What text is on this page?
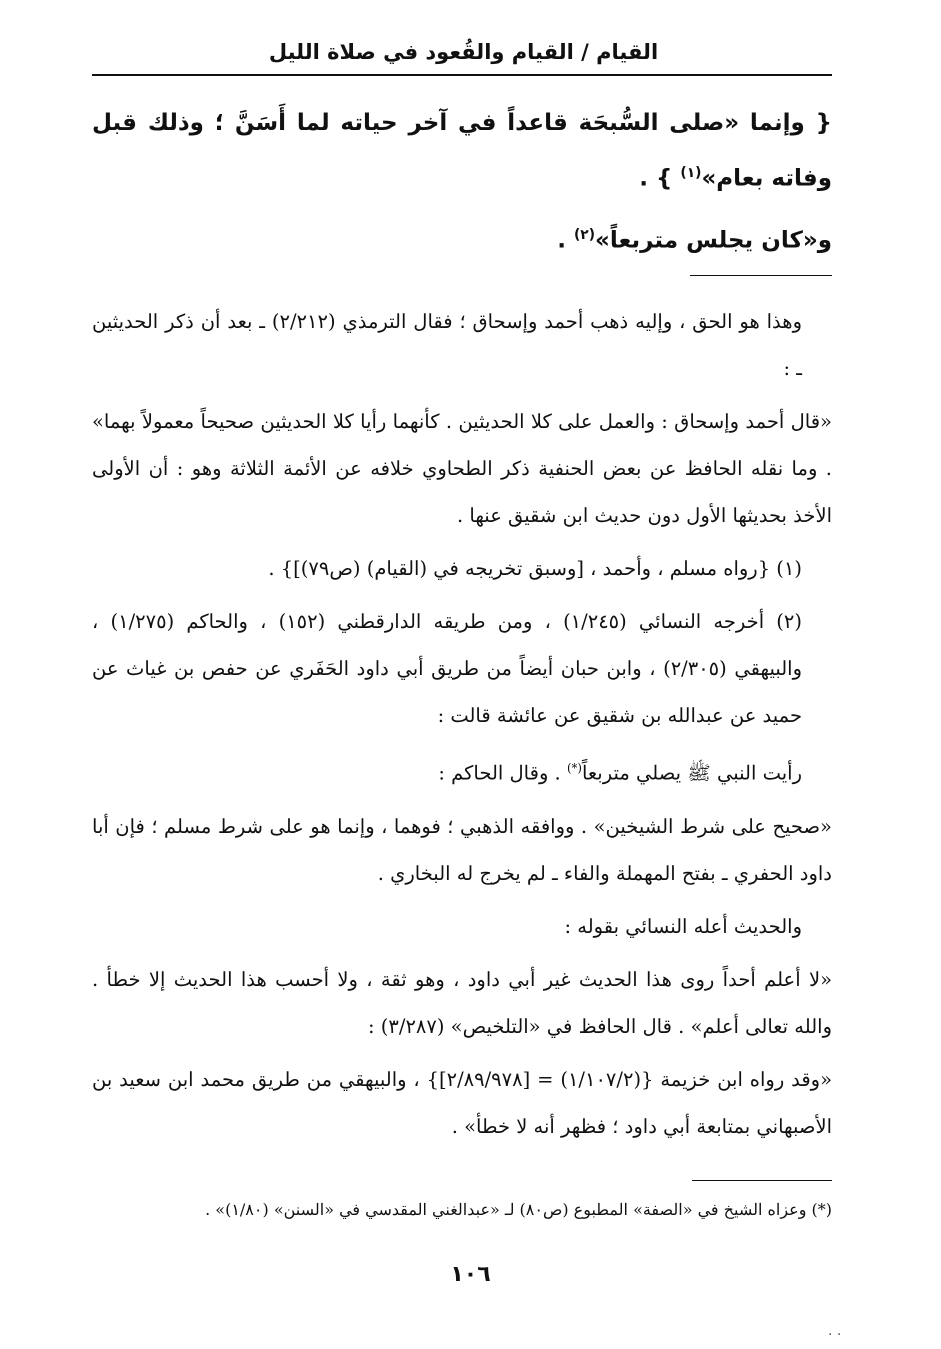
القيام / القيام والقُعود في صلاة الليل

{ وإنما «صلى السُّبحَة قاعداً في آخر حياته لما أَسَنَّ ؛ وذلك قبل وفاته بعام»$^{(١)}$ } .

و«كان يجلس متربعاً»$^{(٢)}$ .

وهذا هو الحق ، وإليه ذهب أحمد وإسحاق ؛ فقال الترمذي (٢/٢١٢) ـ بعد أن ذكر الحديثين ـ :

«قال أحمد وإسحاق : والعمل على كلا الحديثين . كأنهما رأيا كلا الحديثين صحيحاً معمولاً بهما» . وما نقله الحافظ عن بعض الحنفية ذكر الطحاوي خلافه عن الأئمة الثلاثة وهو : أن الأولى الأخذ بحديثها الأول دون حديث ابن شقيق عنها .

(١) {رواه مسلم ، وأحمد ، [وسبق تخريجه في (القيام) (ص٧٩)]} .

(٢) أخرجه النسائي (١/٢٤٥) ، ومن طريقه الدارقطني (١٥٢) ، والحاكم (١/٢٧٥) ، والبيهقي (٢/٣٠٥) ، وابن حبان أيضاً من طريق أبي داود الحَفَري عن حفص بن غياث عن حميد عن عبدالله بن شقيق عن عائشة قالت :

رأيت النبي ﷺ يصلي متربعاً(*) . وقال الحاكم :

«صحيح على شرط الشيخين» . ووافقه الذهبي ؛ فوهما ، وإنما هو على شرط مسلم ؛ فإن أبا داود الحفري ـ بفتح المهملة والفاء ـ لم يخرج له البخاري .

والحديث أعله النسائي بقوله :

«لا أعلم أحداً روى هذا الحديث غير أبي داود ، وهو ثقة ، ولا أحسب هذا الحديث إلا خطأ . والله تعالى أعلم» . قال الحافظ في «التلخيص» (٣/٢٨٧) :

«وقد رواه ابن خزيمة {(١/١٠٧/٢) = [٢/٨٩/٩٧٨]} ، والبيهقي من طريق محمد ابن سعيد بن الأصبهاني بمتابعة أبي داود ؛ فظهر أنه لا خطأ» .

(*) وعزاه الشيخ في «الصفة» المطبوع (ص٨٠) لـ «عبدالغني المقدسي في «السنن» (١/٨٠)» .
١٠٦
. .
